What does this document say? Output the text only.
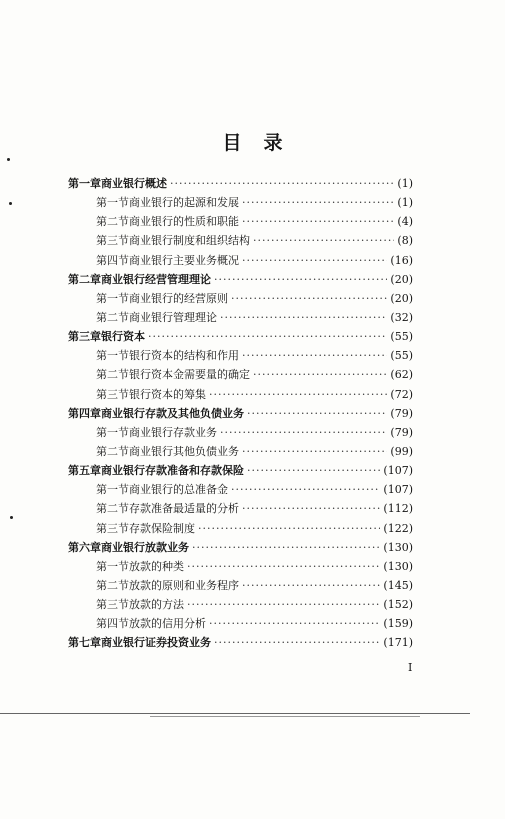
目录
第一章 商业银行概述 ·····	(1)
第一节 商业银行的起源和发展 ·····	(1)
第二节 商业银行的性质和职能 ·····	(4)
第三节 商业银行制度和组织结构 ·····	(8)
第四节 商业银行主要业务概况 ·····	(16)
第二章 商业银行经营管理理论 ·····	(20)
第一节 商业银行的经营原则 ·····	(20)
第二节 商业银行管理理论 ·····	(32)
第三章 银行资本 ·····	(55)
第一节 银行资本的结构和作用 ·····	(55)
第二节 银行资本金需要量的确定 ·····	(62)
第三节 银行资本的筹集 ·····	(72)
第四章 商业银行存款及其他负债业务 ·····	(79)
第一节 商业银行存款业务 ·····	(79)
第二节 商业银行其他负债业务 ·····	(99)
第五章 商业银行存款准备和存款保险 ·····	(107)
第一节 商业银行的总准备金 ·····	(107)
第二节 存款准备最适量的分析 ·····	(112)
第三节 存款保险制度 ·····	(122)
第六章 商业银行放款业务 ·····	(130)
第一节 放款的种类 ·····	(130)
第二节 放款的原则和业务程序 ·····	(145)
第三节 放款的方法 ·····	(152)
第四节 放款的信用分析 ·····	(159)
第七章 商业银行证券投资业务 ·····	(171)
I
